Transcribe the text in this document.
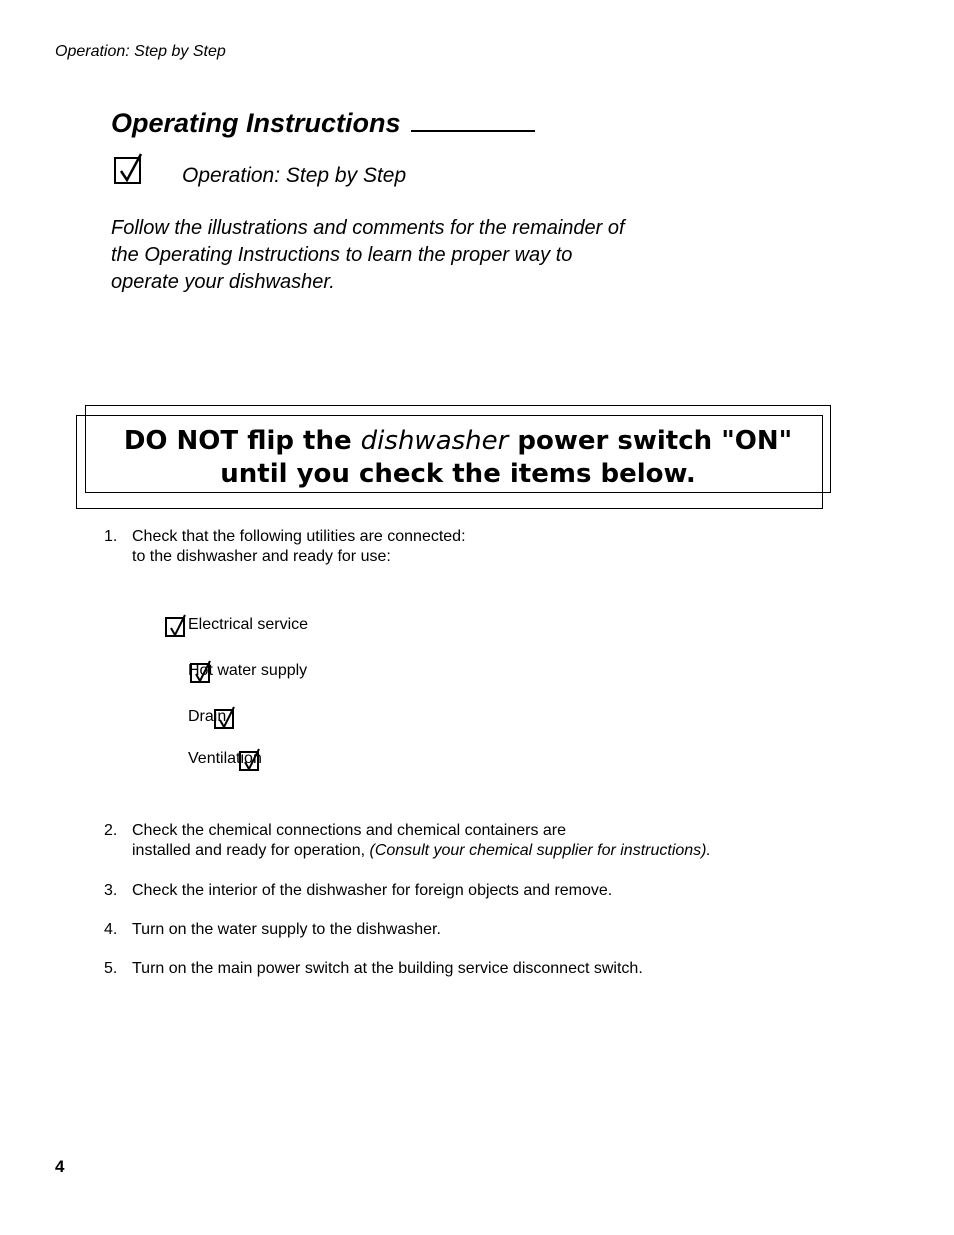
Operation: Step by Step
Operating Instructions

Operation: Step by Step
Follow the illustrations and comments for the remainder of
the Operating Instructions to learn the proper way to
operate your dishwasher.
DO NOT flip the dishwasher power switch "ON"
until you check the items below.
1. Check that the following utilities are connected:
to the dishwasher and ready for use:

Electrical service

Hot water supply

Drain
Ventilation
2. Check the chemical connections and chemical containers are
installed and ready for operation, (Consult your chemical supplier for instructions).
3. Check the interior of the dishwasher for foreign objects and remove.
4. Turn on the water supply to the dishwasher.
5. Turn on the main power switch at the building service disconnect switch.
4
